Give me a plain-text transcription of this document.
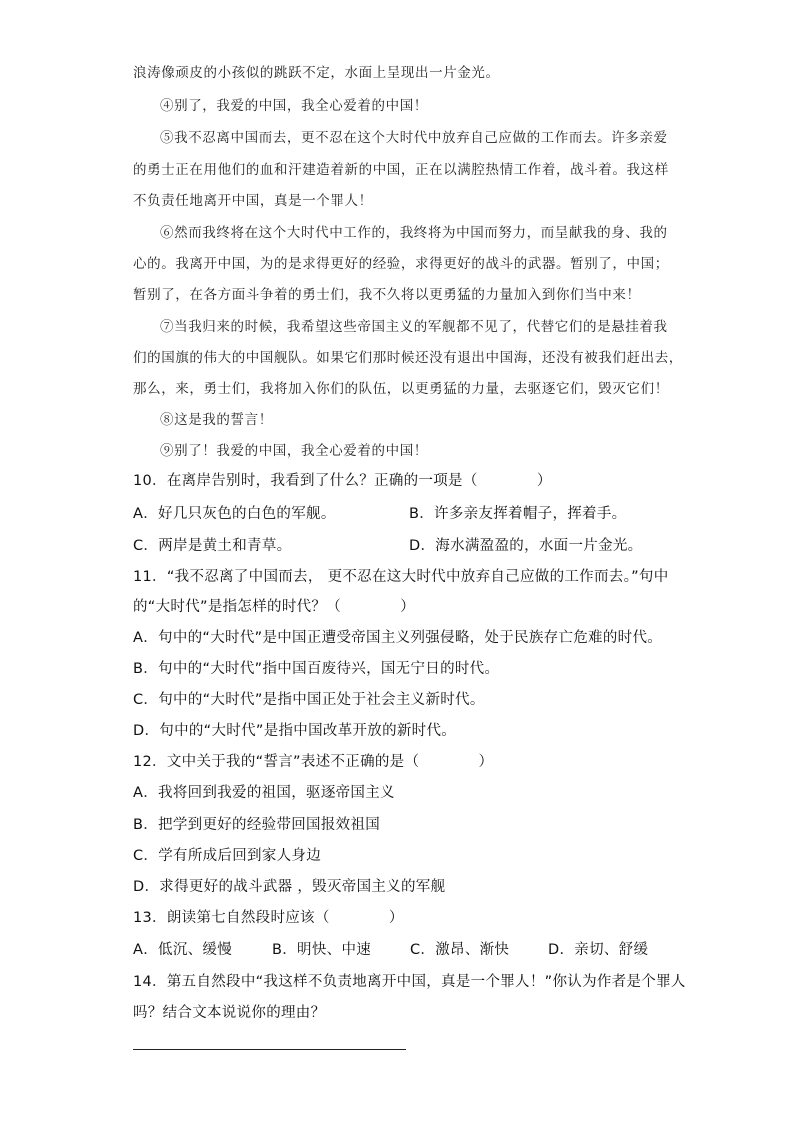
浪涛像顽皮的小孩似的跳跃不定，水面上呈现出一片金光。
④别了，我爱的中国，我全心爱着的中国！
⑤我不忍离中国而去，更不忍在这个大时代中放弃自己应做的工作而去。许多亲爱
的勇士正在用他们的血和汗建造着新的中国，正在以满腔热情工作着，战斗着。我这样
不负责任地离开中国，真是一个罪人！
⑥然而我终将在这个大时代中工作的，我终将为中国而努力，而呈献我的身、我的
心的。我离开中国，为的是求得更好的经验，求得更好的战斗的武器。暂别了，中国；
暂别了，在各方面斗争着的勇士们，我不久将以更勇猛的力量加入到你们当中来！
⑦当我归来的时候，我希望这些帝国主义的军舰都不见了，代替它们的是悬挂着我
们的国旗的伟大的中国舰队。如果它们那时候还没有退出中国海，还没有被我们赶出去，
那么，来，勇士们，我将加入你们的队伍，以更勇猛的力量，去驱逐它们，毁灭它们！
⑧这是我的誓言！
⑨别了！我爱的中国，我全心爱着的中国！
10．在离岸告别时，我看到了什么？正确的一项是（　　　　）
A．好几只灰色的白色的军舰。	B．许多亲友挥着帽子，挥着手。
C．两岸是黄土和青草。	D．海水满盈盈的，水面一片金光。
11．“我不忍离了中国而去， 更不忍在这大时代中放弃自己应做的工作而去。”句中
的“大时代”是指怎样的时代？（　　　　）
A．句中的“大时代”是中国正遭受帝国主义列强侵略，处于民族存亡危难的时代。
B．句中的“大时代”指中国百废待兴，国无宁日的时代。
C．句中的“大时代”是指中国正处于社会主义新时代。
D．句中的“大时代”是指中国改革开放的新时代。
12．文中关于我的“誓言”表述不正确的是（　　　　）
A．我将回到我爱的祖国，驱逐帝国主义
B．把学到更好的经验带回国报效祖国
C．学有所成后回到家人身边
D．求得更好的战斗武器 ，毁灭帝国主义的军舰
13．朗读第七自然段时应该（　　　　）
A．低沉、缓慢	B．明快、中速	C．激昂、渐快	D．亲切、舒缓
14．第五自然段中“我这样不负责地离开中国，真是一个罪人！”你认为作者是个罪人
吗？结合文本说说你的理由？
